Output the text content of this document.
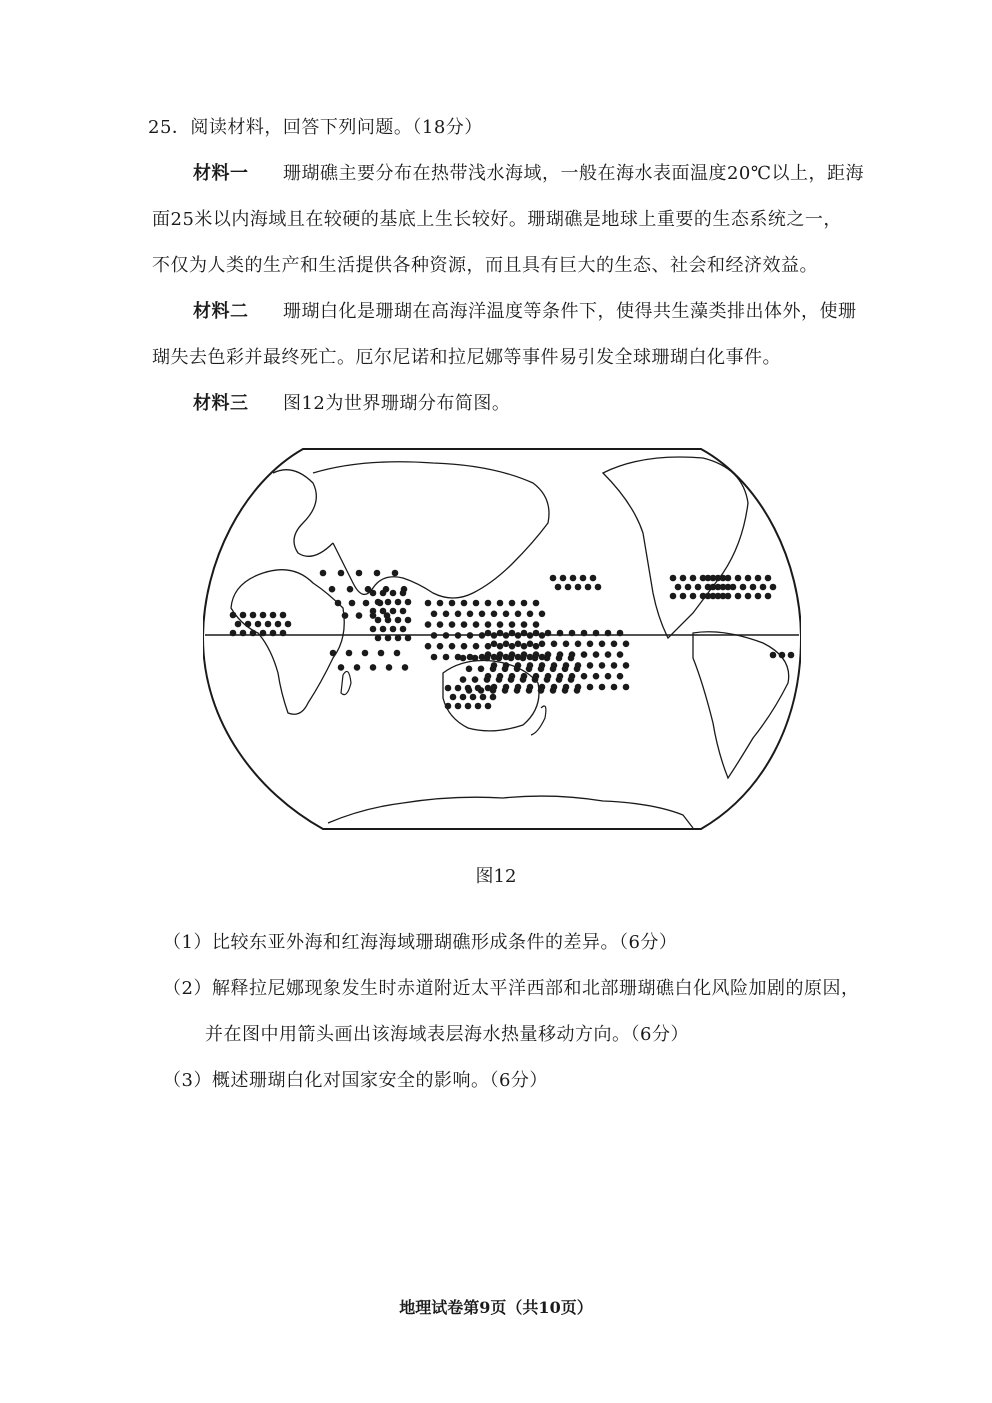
25．阅读材料，回答下列问题。（18分）
材料一 珊瑚礁主要分布在热带浅水海域，一般在海水表面温度20℃以上，距海
面25米以内海域且在较硬的基底上生长较好。珊瑚礁是地球上重要的生态系统之一，
不仅为人类的生产和生活提供各种资源，而且具有巨大的生态、社会和经济效益。
材料二 珊瑚白化是珊瑚在高海洋温度等条件下，使得共生藻类排出体外，使珊
瑚失去色彩并最终死亡。厄尔尼诺和拉尼娜等事件易引发全球珊瑚白化事件。
材料三 图12为世界珊瑚分布简图。
图12
（1）比较东亚外海和红海海域珊瑚礁形成条件的差异。（6分）
（2）解释拉尼娜现象发生时赤道附近太平洋西部和北部珊瑚礁白化风险加剧的原因，
并在图中用箭头画出该海域表层海水热量移动方向。（6分）
（3）概述珊瑚白化对国家安全的影响。（6分）
地理试卷第9页（共10页）
